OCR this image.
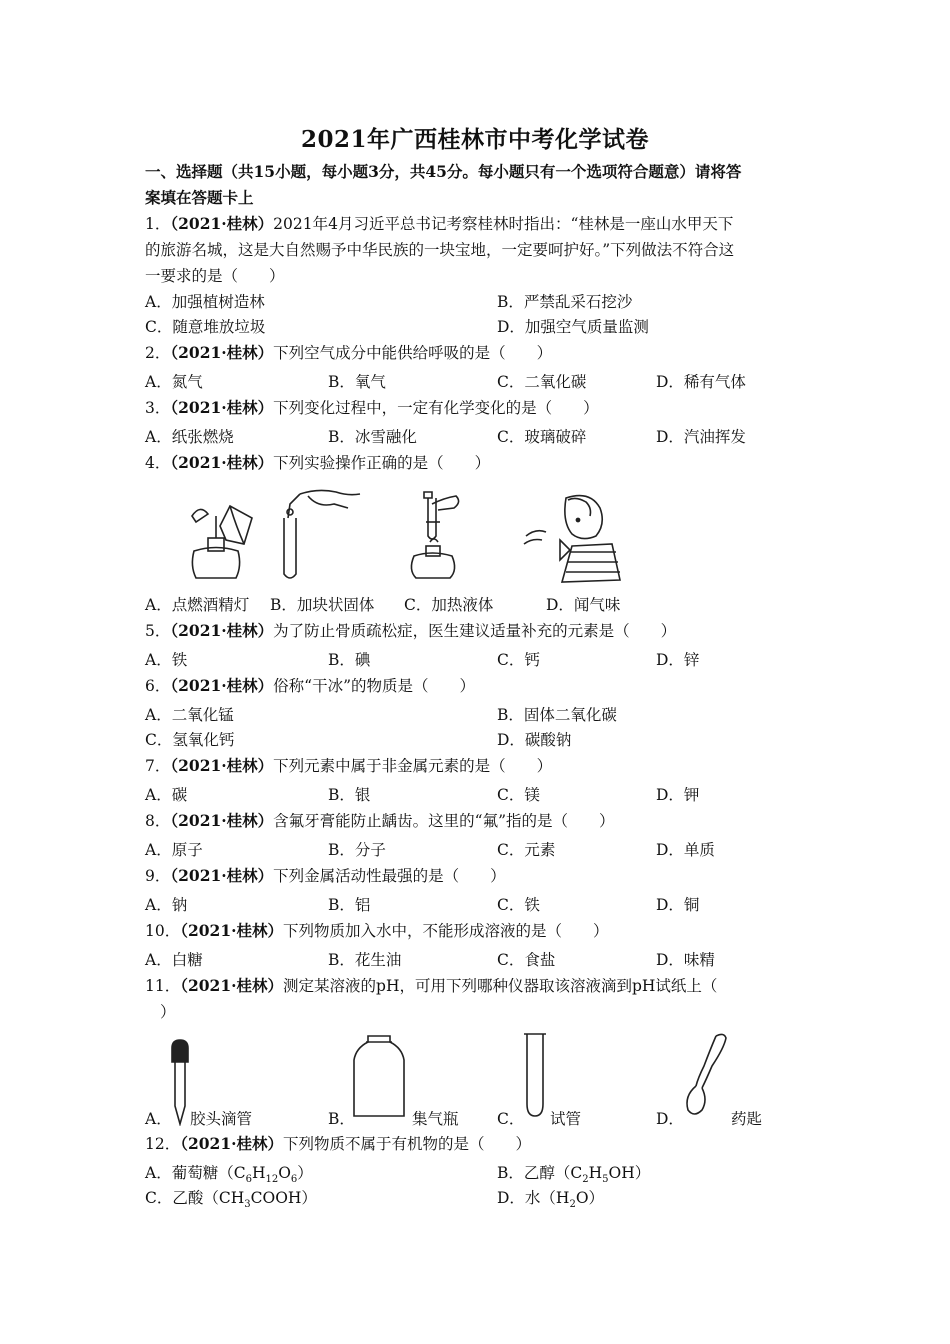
2021年广西桂林市中考化学试卷
一、选择题（共15小题，每小题3分，共45分。每小题只有一个选项符合题意）请将答
案填在答题卡上
1．（2021·桂林）2021年4月习近平总书记考察桂林时指出：“桂林是一座山水甲天下
的旅游名城，这是大自然赐予中华民族的一块宝地，一定要呵护好。”下列做法不符合这
一要求的是（　　）
A．加强植树造林	B．严禁乱采石挖沙
C．随意堆放垃圾	D．加强空气质量监测
2．（2021·桂林）下列空气成分中能供给呼吸的是（　　）
A．氮气	B．氧气	C．二氧化碳	D．稀有气体
3．（2021·桂林）下列变化过程中，一定有化学变化的是（　　）
A．纸张燃烧	B．冰雪融化	C．玻璃破碎	D．汽油挥发
4．（2021·桂林）下列实验操作正确的是（　　）
A．点燃酒精灯 B．加块状固体 C．加热液体	D．闻气味
5．（2021·桂林）为了防止骨质疏松症，医生建议适量补充的元素是（　　）
A．铁	B．碘	C．钙	D．锌
6．（2021·桂林）俗称“干冰”的物质是（　　）
A．二氧化锰	B．固体二氧化碳
C．氢氧化钙	D．碳酸钠
7．（2021·桂林）下列元素中属于非金属元素的是（　　）
A．碳	B．银	C．镁	D．钾
8．（2021·桂林）含氟牙膏能防止龋齿。这里的“氟”指的是（　　）
A．原子	B．分子	C．元素	D．单质
9．（2021·桂林）下列金属活动性最强的是（　　）
A．钠	B．铝	C．铁	D．铜
10．（2021·桂林）下列物质加入水中，不能形成溶液的是（　　）
A．白糖	B．花生油	C．食盐	D．味精
11．（2021·桂林）测定某溶液的pH，可用下列哪种仪器取该溶液滴到pH试纸上（
）
A． 胶头滴管	B．	集气瓶 C． 试管	D．	药匙
12．（2021·桂林）下列物质不属于有机物的是（　　）
A．葡萄糖$(C_6H_{12}O_6)$	B．乙醇$(C_2H_5OH)$
C．乙酸$(CH_3COOH)$	D．水$(H_2O)$
